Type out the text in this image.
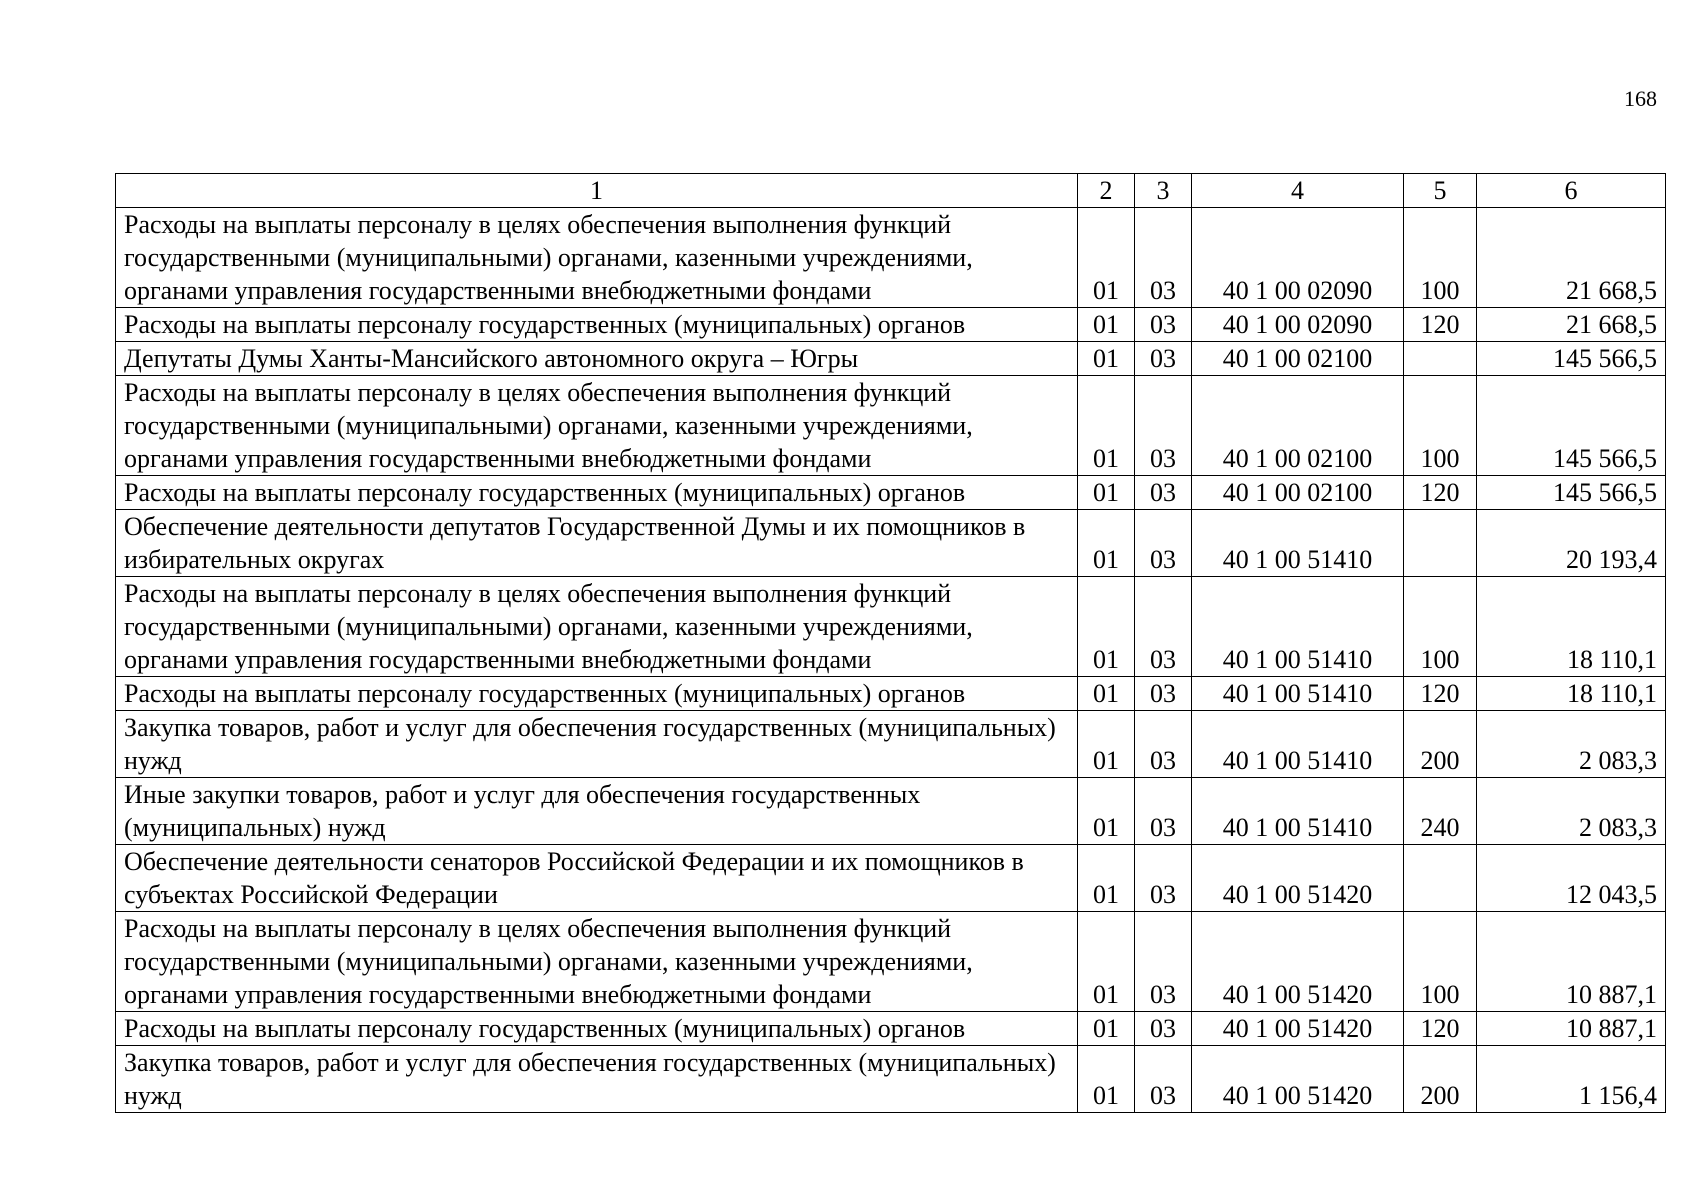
168
1	2	3	4	5	6
Расходы на выплаты персоналу в целях обеспечения выполнения функций государственными (муниципальными) органами, казенными учреждениями, органами управления государственными внебюджетными фондами	01	03	40 1 00 02090	100	21 668,5
Расходы на выплаты персоналу государственных (муниципальных) органов	01	03	40 1 00 02090	120	21 668,5
Депутаты Думы Ханты-Мансийского автономного округа – Югры	01	03	40 1 00 02100		145 566,5
Расходы на выплаты персоналу в целях обеспечения выполнения функций государственными (муниципальными) органами, казенными учреждениями, органами управления государственными внебюджетными фондами	01	03	40 1 00 02100	100	145 566,5
Расходы на выплаты персоналу государственных (муниципальных) органов	01	03	40 1 00 02100	120	145 566,5
Обеспечение деятельности депутатов Государственной Думы и их помощников в избирательных округах	01	03	40 1 00 51410		20 193,4
Расходы на выплаты персоналу в целях обеспечения выполнения функций государственными (муниципальными) органами, казенными учреждениями, органами управления государственными внебюджетными фондами	01	03	40 1 00 51410	100	18 110,1
Расходы на выплаты персоналу государственных (муниципальных) органов	01	03	40 1 00 51410	120	18 110,1
Закупка товаров, работ и услуг для обеспечения государственных (муниципальных) нужд	01	03	40 1 00 51410	200	2 083,3
Иные закупки товаров, работ и услуг для обеспечения государственных (муниципальных) нужд	01	03	40 1 00 51410	240	2 083,3
Обеспечение деятельности сенаторов Российской Федерации и их помощников в субъектах Российской Федерации	01	03	40 1 00 51420		12 043,5
Расходы на выплаты персоналу в целях обеспечения выполнения функций государственными (муниципальными) органами, казенными учреждениями, органами управления государственными внебюджетными фондами	01	03	40 1 00 51420	100	10 887,1
Расходы на выплаты персоналу государственных (муниципальных) органов	01	03	40 1 00 51420	120	10 887,1
Закупка товаров, работ и услуг для обеспечения государственных (муниципальных) нужд	01	03	40 1 00 51420	200	1 156,4
